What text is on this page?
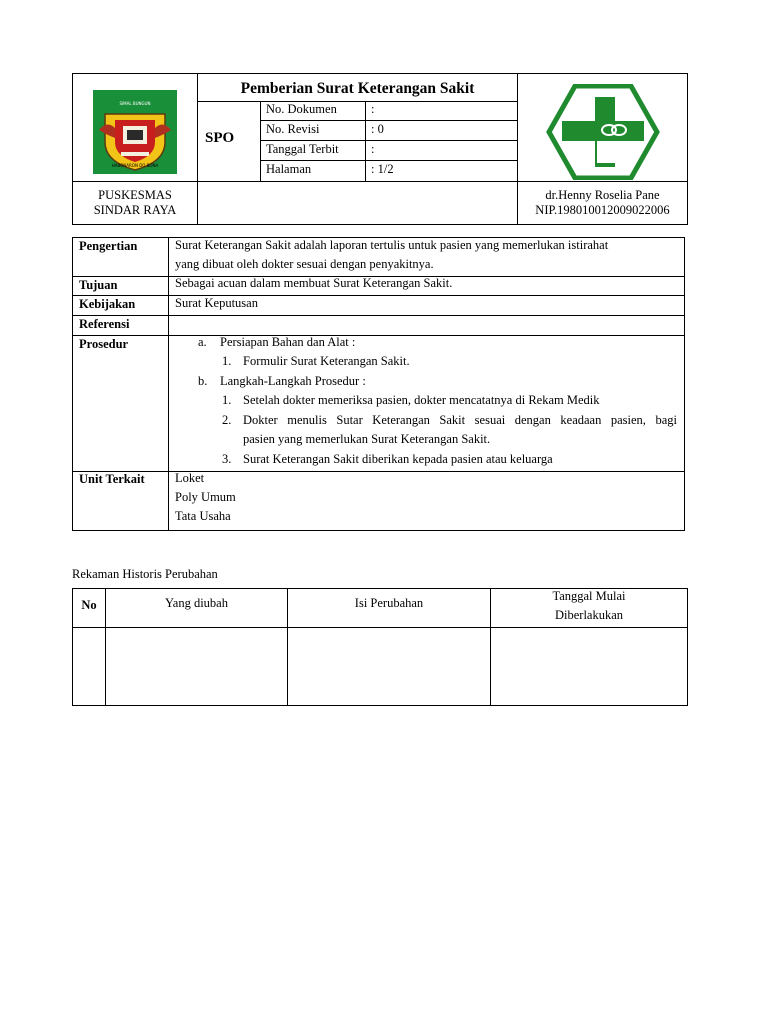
SIMAL BUNGUN
HABONARON DO BONA
Pemberian Surat Keterangan Sakit
SPO
No. Dokumen	:
No. Revisi	: 0
Tanggal Terbit	:
Halaman	: 1/2
PUSKESMAS
SINDAR RAYA
dr.Henny Roselia Pane
NIP.198010012009022006
Pengertian	Surat Keterangan Sakit adalah laporan tertulis untuk pasien yang memerlukan istirahat
yang dibuat oleh dokter sesuai dengan penyakitnya.
Tujuan	Sebagai acuan dalam membuat Surat Keterangan Sakit.
Kebijakan	Surat Keputusan
Referensi
Prosedur	a. Persiapan Bahan dan Alat :
1. Formulir Surat Keterangan Sakit.
b. Langkah-Langkah Prosedur :
1. Setelah dokter memeriksa pasien, dokter mencatatnya di Rekam Medik
2. Dokter menulis Sutar Keterangan Sakit sesuai dengan keadaan pasien, bagi
pasien yang memerlukan Surat Keterangan Sakit.
3. Surat Keterangan Sakit diberikan kepada pasien atau keluarga
Unit Terkait Loket
Poly Umum
Tata Usaha
Rekaman Historis Perubahan
No	Yang diubah	Isi Perubahan	Tanggal Mulai
Diberlakukan
